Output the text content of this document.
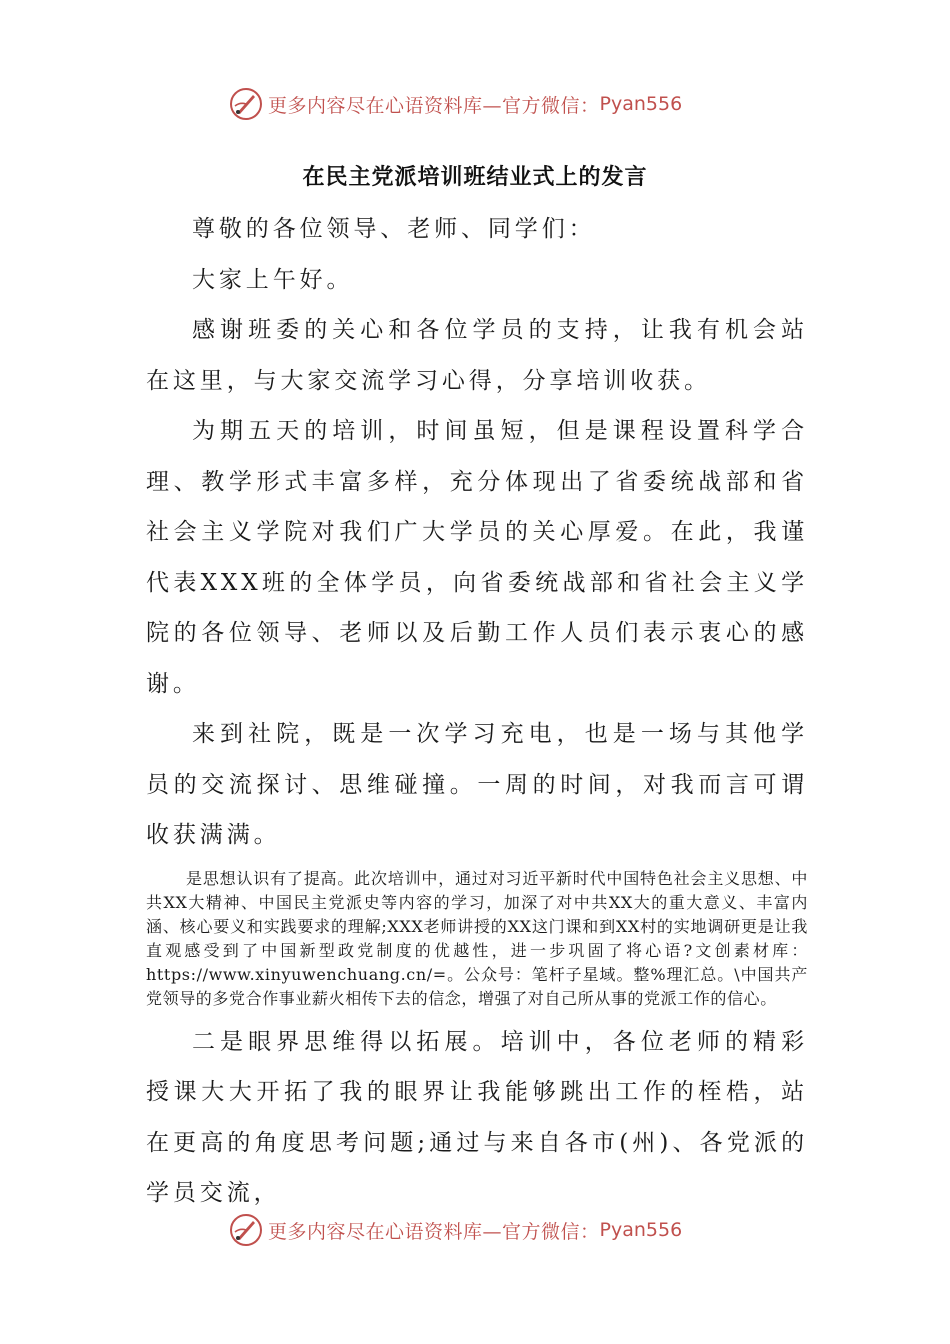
更多内容尽在心语资料库—官方微信： Pyan556
在民主党派培训班结业式上的发言

尊敬的各位领导、老师、同学们：

大家上午好。

感谢班委的关心和各位学员的支持，让我有机会站在这里，与大家交流学习心得，分享培训收获。

为期五天的培训，时间虽短，但是课程设置科学合理、教学形式丰富多样，充分体现出了省委统战部和省社会主义学院对我们广大学员的关心厚爱。在此，我谨代表XXX班的全体学员，向省委统战部和省社会主义学院的各位领导、老师以及后勤工作人员们表示衷心的感谢。

来到社院，既是一次学习充电，也是一场与其他学员的交流探讨、思维碰撞。一周的时间，对我而言可谓收获满满。

是思想认识有了提高。此次培训中，通过对习近平新时代中国特色社会主义思想、中共XX大精神、中国民主党派史等内容的学习，加深了对中共XX大的重大意义、丰富内涵、核心要义和实践要求的理解;XXX老师讲授的XX这门课和到XX村的实地调研更是让我直观感受到了中国新型政党制度的优越性，进一步巩固了将心语?文创素材库：https://www.xinyuwenchuang.cn/=。公众号：笔杆子星域。整%理汇总。\中国共产党领导的多党合作事业薪火相传下去的信念，增强了对自己所从事的党派工作的信心。

二是眼界思维得以拓展。培训中，各位老师的精彩授课大大开拓了我的眼界让我能够跳出工作的桎梏，站在更高的角度思考问题;通过与来自各市(州)、各党派的学员交流，

更多内容尽在心语资料库—官方微信： Pyan556
